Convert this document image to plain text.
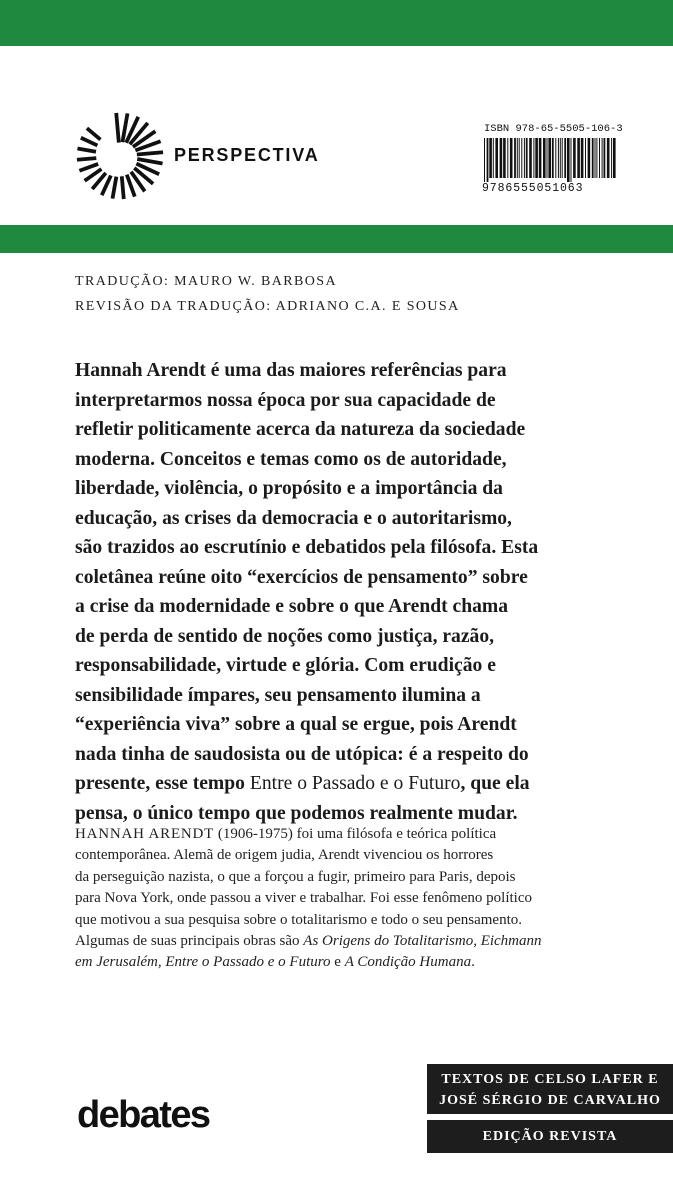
PERSPECTIVA
ISBN 978-65-5505-106-3
9786555051063
TRADUÇÃO: MAURO W. BARBOSA
REVISÃO DA TRADUÇÃO: ADRIANO C.A. E SOUSA

Hannah Arendt é uma das maiores referências para
interpretarmos nossa época por sua capacidade de
refletir politicamente acerca da natureza da sociedade
moderna. Conceitos e temas como os de autoridade,
liberdade, violência, o propósito e a importância da
educação, as crises da democracia e o autoritarismo,
são trazidos ao escrutínio e debatidos pela filósofa. Esta
coletânea reúne oito “exercícios de pensamento” sobre
a crise da modernidade e sobre o que Arendt chama
de perda de sentido de noções como justiça, razão,
responsabilidade, virtude e glória. Com erudição e
sensibilidade ímpares, seu pensamento ilumina a
“experiência viva” sobre a qual se ergue, pois Arendt
nada tinha de saudosista ou de utópica: é a respeito do
presente, esse tempo Entre o Passado e o Futuro, que ela
pensa, o único tempo que podemos realmente mudar.

HANNAH ARENDT (1906-1975) foi uma filósofa e teórica política
contemporânea. Alemã de origem judia, Arendt vivenciou os horrores
da perseguição nazista, o que a forçou a fugir, primeiro para Paris, depois
para Nova York, onde passou a viver e trabalhar. Foi esse fenômeno político
que motivou a sua pesquisa sobre o totalitarismo e todo o seu pensamento.
Algumas de suas principais obras são As Origens do Totalitarismo, Eichmann
em Jerusalém, Entre o Passado e o Futuro e A Condição Humana.

debates
TEXTOS DE CELSO LAFER E
JOSÉ SÉRGIO DE CARVALHO
EDIÇÃO REVISTA
